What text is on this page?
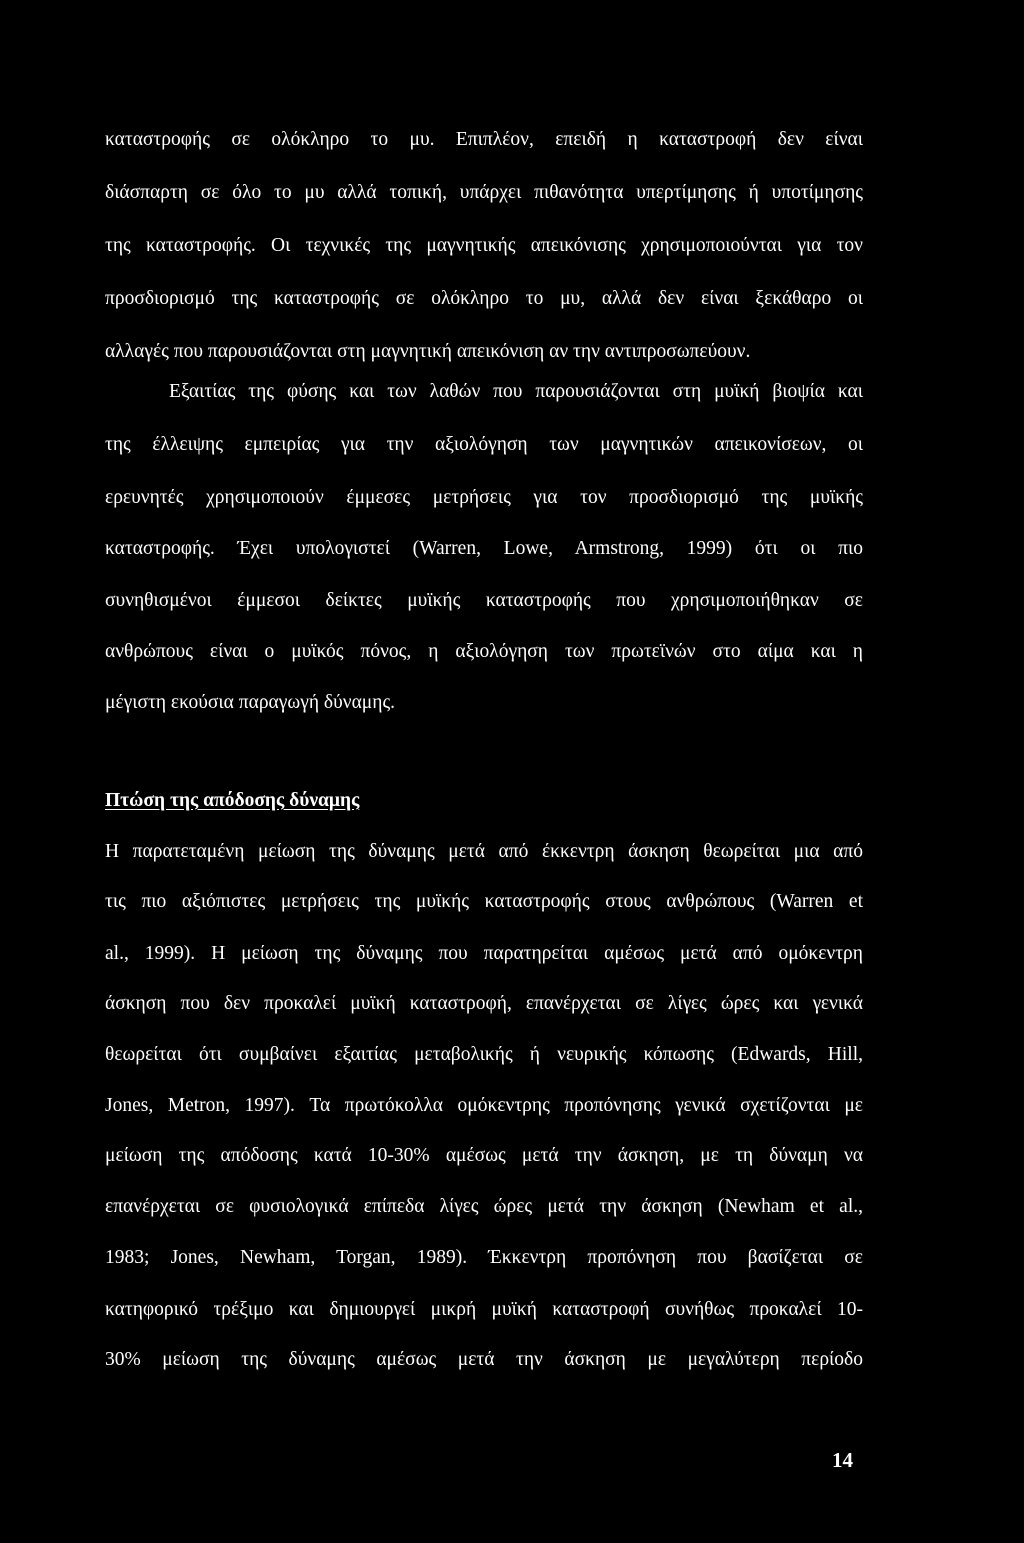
καταστροφής σε ολόκληρο το μυ. Επιπλέον, επειδή η καταστροφή δεν είναι
διάσπαρτη σε όλο το μυ αλλά τοπική, υπάρχει πιθανότητα υπερτίμησης ή υποτίμησης
της καταστροφής. Οι τεχνικές της μαγνητικής απεικόνισης χρησιμοποιούνται για τον
προσδιορισμό της καταστροφής σε ολόκληρο το μυ, αλλά δεν είναι ξεκάθαρο οι
αλλαγές που παρουσιάζονται στη μαγνητική απεικόνιση αν την αντιπροσωπεύουν.
Εξαιτίας της φύσης και των λαθών που παρουσιάζονται στη μυϊκή βιοψία και
της έλλειψης εμπειρίας για την αξιολόγηση των μαγνητικών απεικονίσεων, οι
ερευνητές χρησιμοποιούν έμμεσες μετρήσεις για τον προσδιορισμό της μυϊκής
καταστροφής. Έχει υπολογιστεί (Warren, Lowe, Armstrong, 1999) ότι οι πιο
συνηθισμένοι έμμεσοι δείκτες μυϊκής καταστροφής που χρησιμοποιήθηκαν σε
ανθρώπους είναι ο μυϊκός πόνος, η αξιολόγηση των πρωτεϊνών στο αίμα και η
μέγιστη εκούσια παραγωγή δύναμης.
Πτώση της απόδοσης δύναμης
Η παρατεταμένη μείωση της δύναμης μετά από έκκεντρη άσκηση θεωρείται μια από
τις πιο αξιόπιστες μετρήσεις της μυϊκής καταστροφής στους ανθρώπους (Warren et
al., 1999). Η μείωση της δύναμης που παρατηρείται αμέσως μετά από ομόκεντρη
άσκηση που δεν προκαλεί μυϊκή καταστροφή, επανέρχεται σε λίγες ώρες και γενικά
θεωρείται ότι συμβαίνει εξαιτίας μεταβολικής ή νευρικής κόπωσης (Edwards, Hill,
Jones, Metron, 1997). Τα πρωτόκολλα ομόκεντρης προπόνησης γενικά σχετίζονται με
μείωση της απόδοσης κατά 10-30% αμέσως μετά την άσκηση, με τη δύναμη να
επανέρχεται σε φυσιολογικά επίπεδα λίγες ώρες μετά την άσκηση (Newham et al.,
1983; Jones, Newham, Torgan, 1989). Έκκεντρη προπόνηση που βασίζεται σε
κατηφορικό τρέξιμο και δημιουργεί μικρή μυϊκή καταστροφή συνήθως προκαλεί 10-
30% μείωση της δύναμης αμέσως μετά την άσκηση με μεγαλύτερη περίοδο
14
